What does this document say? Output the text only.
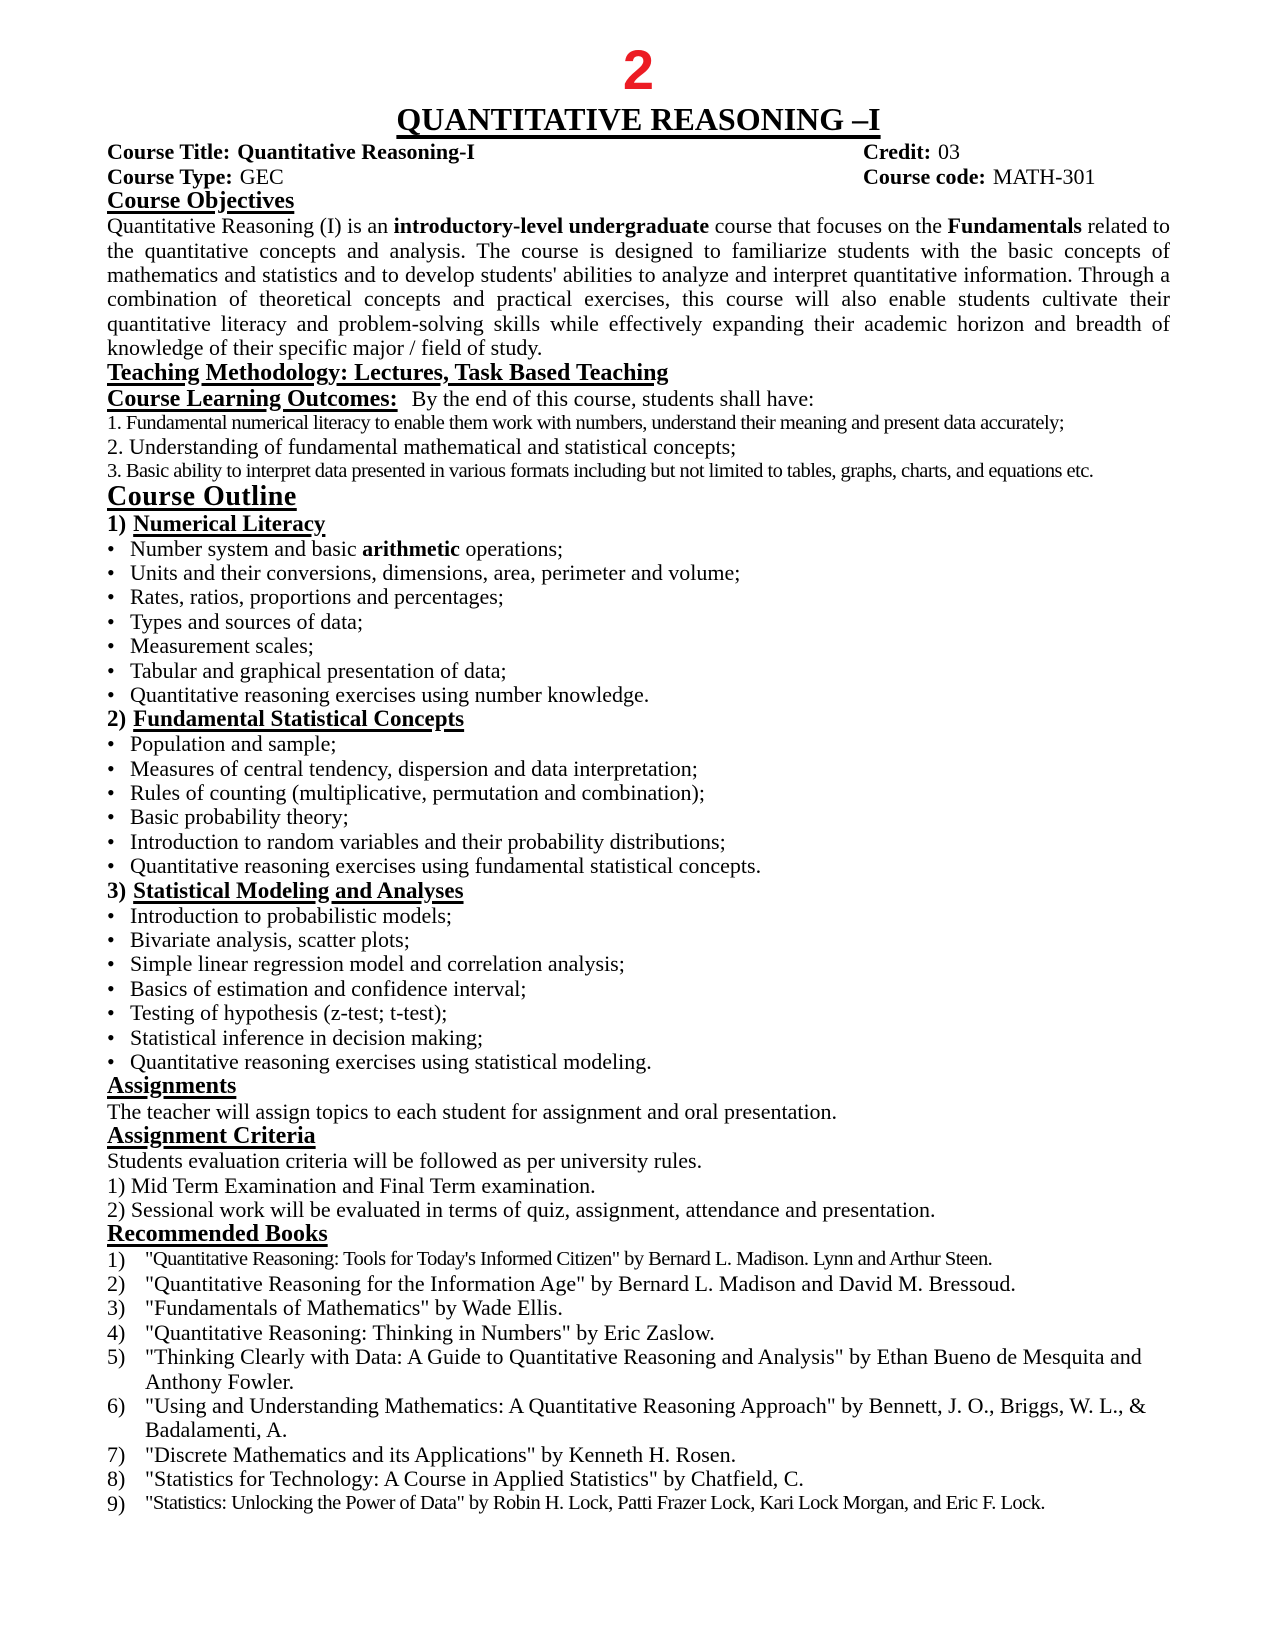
2
QUANTITATIVE REASONING –I
Course Title: Quantitative Reasoning-I
Course Type: GEC
Credit: 03
Course code: MATH-301
Course Objectives

Quantitative Reasoning (I) is an introductory-level undergraduate course that focuses on the Fundamentals related to the quantitative concepts and analysis. The course is designed to familiarize students with the basic concepts of mathematics and statistics and to develop students' abilities to analyze and interpret quantitative information. Through a combination of theoretical concepts and practical exercises, this course will also enable students cultivate their quantitative literacy and problem-solving skills while effectively expanding their academic horizon and breadth of knowledge of their specific major / field of study.

Teaching Methodology: Lectures, Task Based Teaching

Course Learning Outcomes: By the end of this course, students shall have:

1. Fundamental numerical literacy to enable them work with numbers, understand their meaning and present data accurately;
2. Understanding of fundamental mathematical and statistical concepts;
3. Basic ability to interpret data presented in various formats including but not limited to tables, graphs, charts, and equations etc.
Course Outline
1) Numerical Literacy
• Number system and basic arithmetic operations;
• Units and their conversions, dimensions, area, perimeter and volume;
• Rates, ratios, proportions and percentages;
• Types and sources of data;
• Measurement scales;
• Tabular and graphical presentation of data;
• Quantitative reasoning exercises using number knowledge.
2) Fundamental Statistical Concepts
• Population and sample;
• Measures of central tendency, dispersion and data interpretation;
• Rules of counting (multiplicative, permutation and combination);
• Basic probability theory;
• Introduction to random variables and their probability distributions;
• Quantitative reasoning exercises using fundamental statistical concepts.
3) Statistical Modeling and Analyses
• Introduction to probabilistic models;
• Bivariate analysis, scatter plots;
• Simple linear regression model and correlation analysis;
• Basics of estimation and confidence interval;
• Testing of hypothesis (z-test; t-test);
• Statistical inference in decision making;
• Quantitative reasoning exercises using statistical modeling.
Assignments

The teacher will assign topics to each student for assignment and oral presentation.

Assignment Criteria
Students evaluation criteria will be followed as per university rules.
1) Mid Term Examination and Final Term examination.
2) Sessional work will be evaluated in terms of quiz, assignment, attendance and presentation.
Recommended Books
1) "Quantitative Reasoning: Tools for Today's Informed Citizen" by Bernard L. Madison. Lynn and Arthur Steen.
2) "Quantitative Reasoning for the Information Age" by Bernard L. Madison and David M. Bressoud.
3) "Fundamentals of Mathematics" by Wade Ellis.
4) "Quantitative Reasoning: Thinking in Numbers" by Eric Zaslow.
5) "Thinking Clearly with Data: A Guide to Quantitative Reasoning and Analysis" by Ethan Bueno de Mesquita and Anthony Fowler.
6) "Using and Understanding Mathematics: A Quantitative Reasoning Approach" by Bennett, J. O., Briggs, W. L., & Badalamenti, A.
7) "Discrete Mathematics and its Applications" by Kenneth H. Rosen.
8) "Statistics for Technology: A Course in Applied Statistics" by Chatfield, C.
9) "Statistics: Unlocking the Power of Data" by Robin H. Lock, Patti Frazer Lock, Kari Lock Morgan, and Eric F. Lock.
